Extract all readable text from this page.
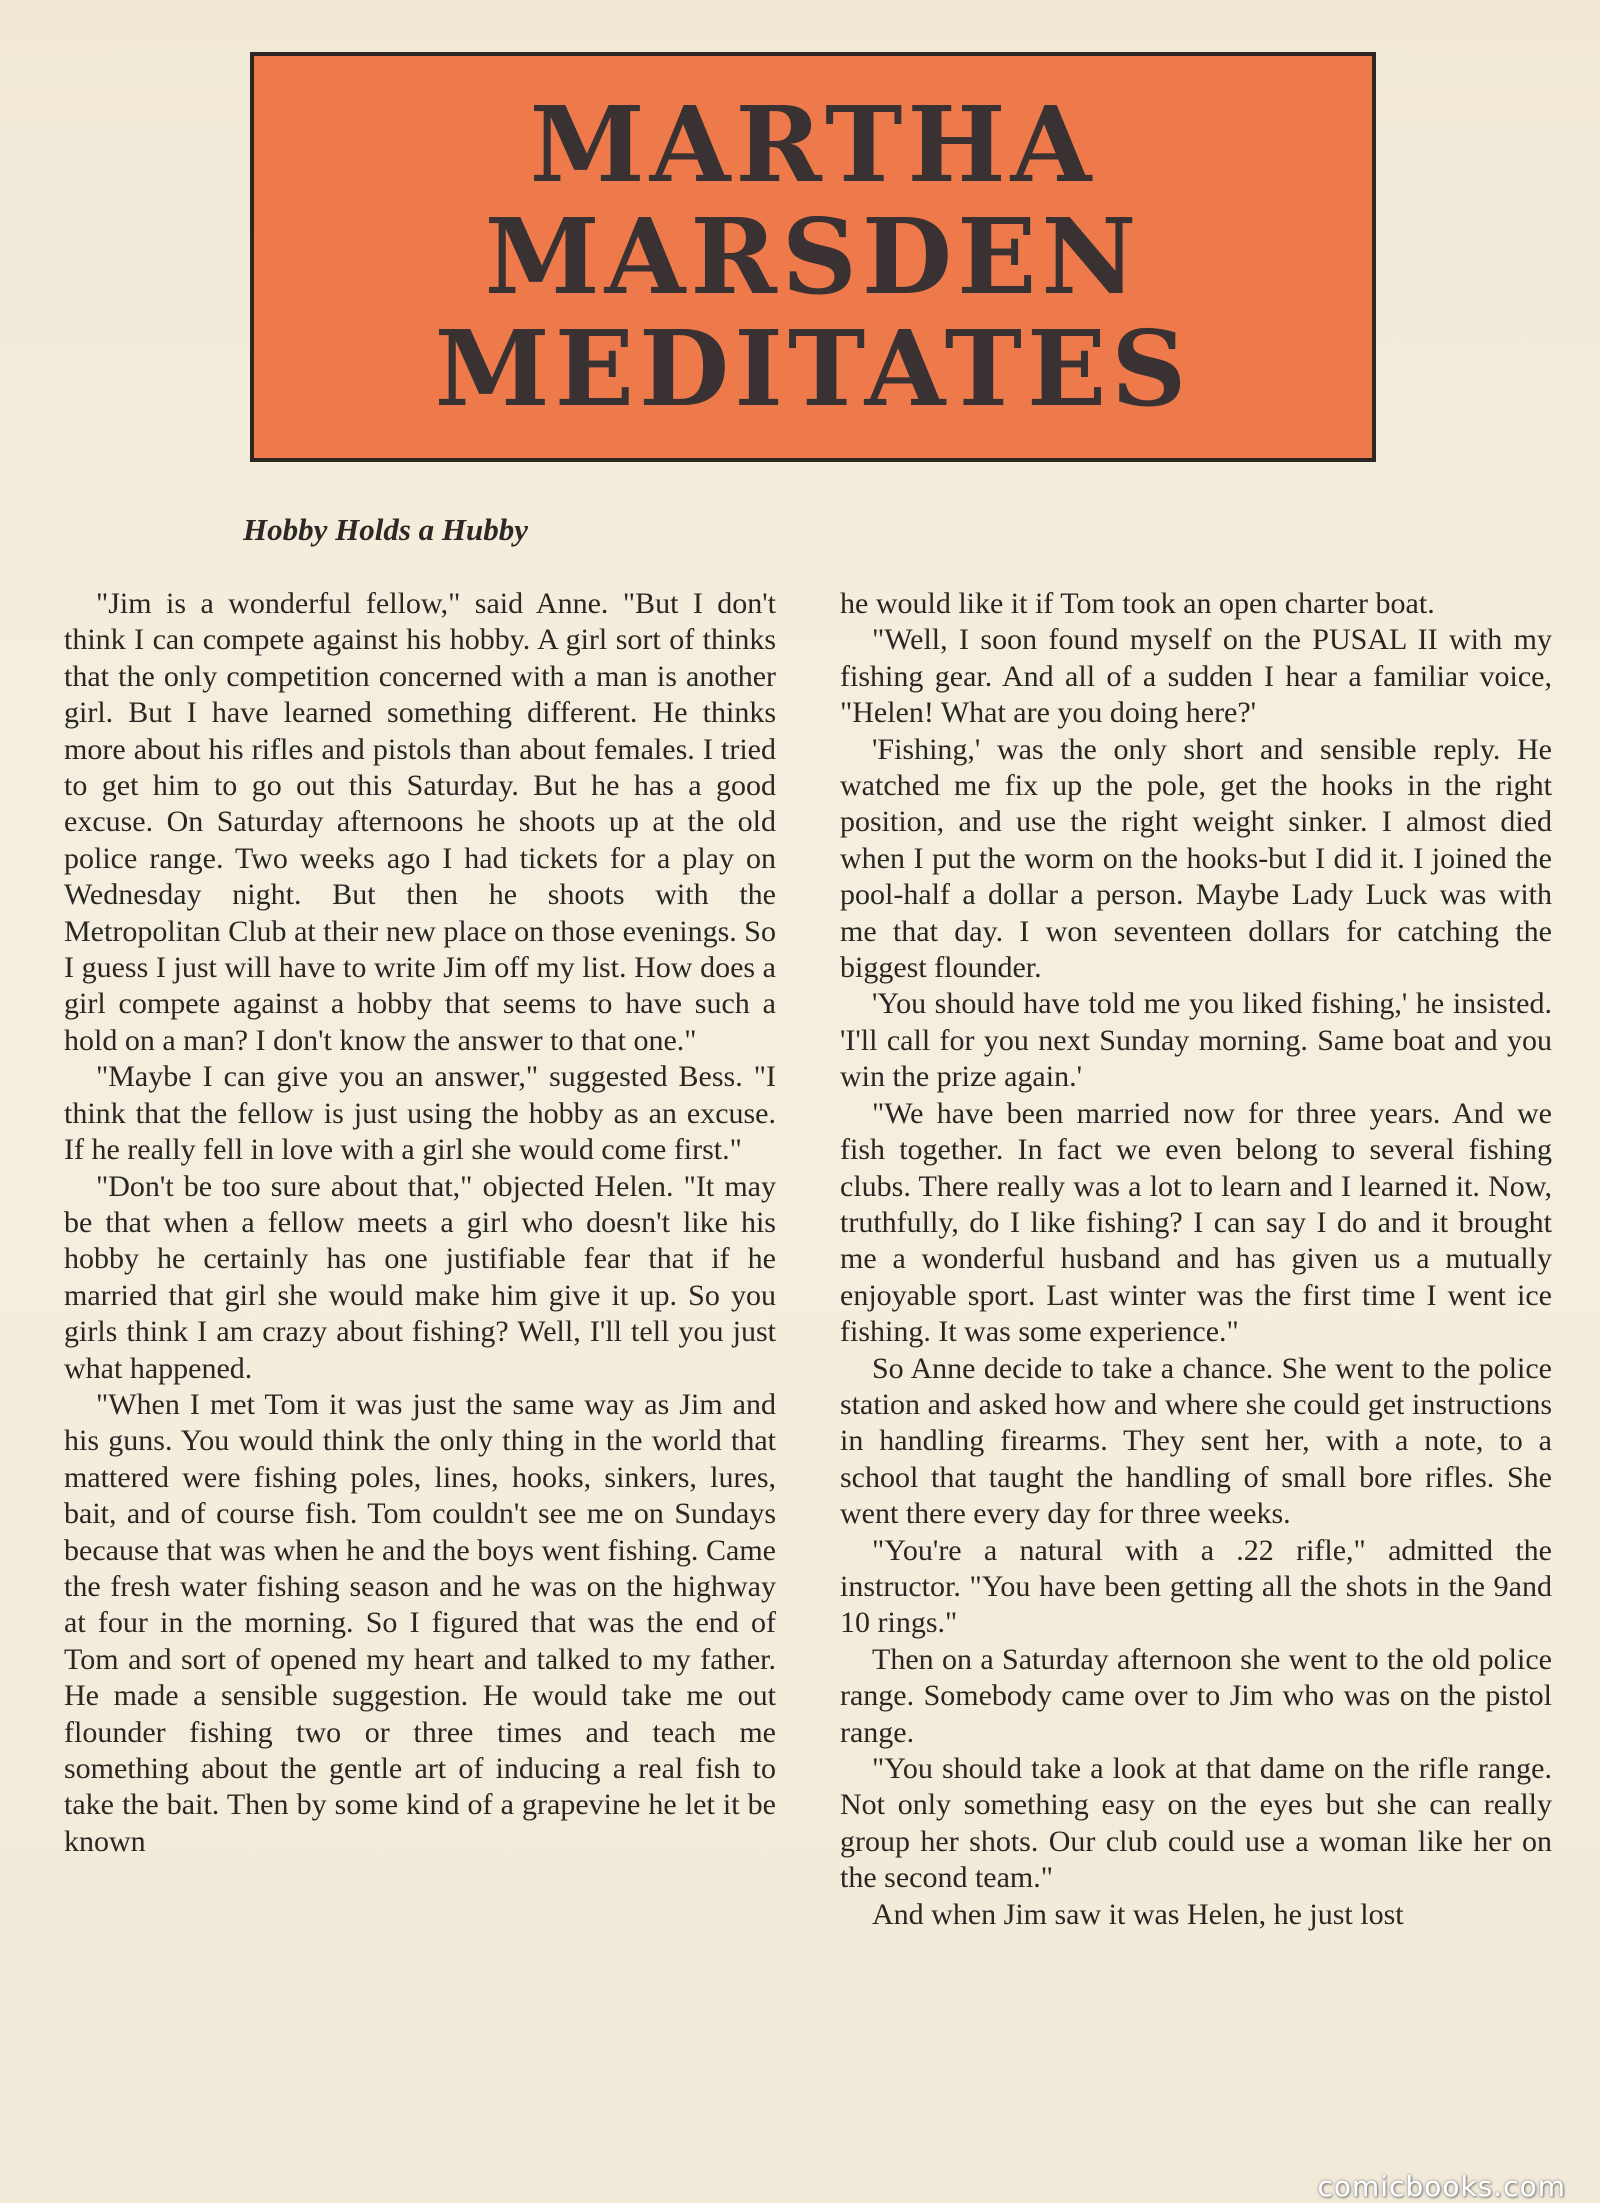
MARTHA
MARSDEN
MEDITATES
Hobby Holds a Hubby

"Jim is a wonderful fellow," said Anne. "But I don't think I can compete against his hobby. A girl sort of thinks that the only competition concerned with a man is another girl. But I have learned something different. He thinks more about his rifles and pistols than about females. I tried to get him to go out this Saturday. But he has a good excuse. On Saturday afternoons he shoots up at the old police range. Two weeks ago I had tickets for a play on Wednesday night. But then he shoots with the Metropolitan Club at their new place on those evenings. So I guess I just will have to write Jim off my list. How does a girl compete against a hobby that seems to have such a hold on a man? I don't know the answer to that one."

"Maybe I can give you an answer," suggested Bess. "I think that the fellow is just using the hobby as an excuse. If he really fell in love with a girl she would come first."

"Don't be too sure about that," objected Helen. "It may be that when a fellow meets a girl who doesn't like his hobby he certainly has one justifiable fear that if he married that girl she would make him give it up. So you girls think I am crazy about fishing? Well, I'll tell you just what happened.

"When I met Tom it was just the same way as Jim and his guns. You would think the only thing in the world that mattered were fishing poles, lines, hooks, sinkers, lures, bait, and of course fish. Tom couldn't see me on Sundays because that was when he and the boys went fishing. Came the fresh water fishing season and he was on the highway at four in the morning. So I figured that was the end of Tom and sort of opened my heart and talked to my father. He made a sensible suggestion. He would take me out flounder fishing two or three times and teach me something about the gentle art of inducing a real fish to take the bait. Then by some kind of a grapevine he let it be known

he would like it if Tom took an open charter boat.

"Well, I soon found myself on the PUSAL II with my fishing gear. And all of a sudden I hear a familiar voice, "Helen! What are you doing here?'

'Fishing,' was the only short and sensible reply. He watched me fix up the pole, get the hooks in the right position, and use the right weight sinker. I almost died when I put the worm on the hooks-but I did it. I joined the pool-half a dollar a person. Maybe Lady Luck was with me that day. I won seventeen dollars for catching the biggest flounder.

'You should have told me you liked fishing,' he insisted. 'I'll call for you next Sunday morning. Same boat and you win the prize again.'

"We have been married now for three years. And we fish together. In fact we even belong to several fishing clubs. There really was a lot to learn and I learned it. Now, truthfully, do I like fishing? I can say I do and it brought me a wonderful husband and has given us a mutually enjoyable sport. Last winter was the first time I went ice fishing. It was some experience."

So Anne decide to take a chance. She went to the police station and asked how and where she could get instructions in handling firearms. They sent her, with a note, to a school that taught the handling of small bore rifles. She went there every day for three weeks.

"You're a natural with a .22 rifle," admitted the instructor. "You have been getting all the shots in the 9and 10 rings."

Then on a Saturday afternoon she went to the old police range. Somebody came over to Jim who was on the pistol range.

"You should take a look at that dame on the rifle range. Not only something easy on the eyes but she can really group her shots. Our club could use a woman like her on the second team."

And when Jim saw it was Helen, he just lost

comicbooks.com
